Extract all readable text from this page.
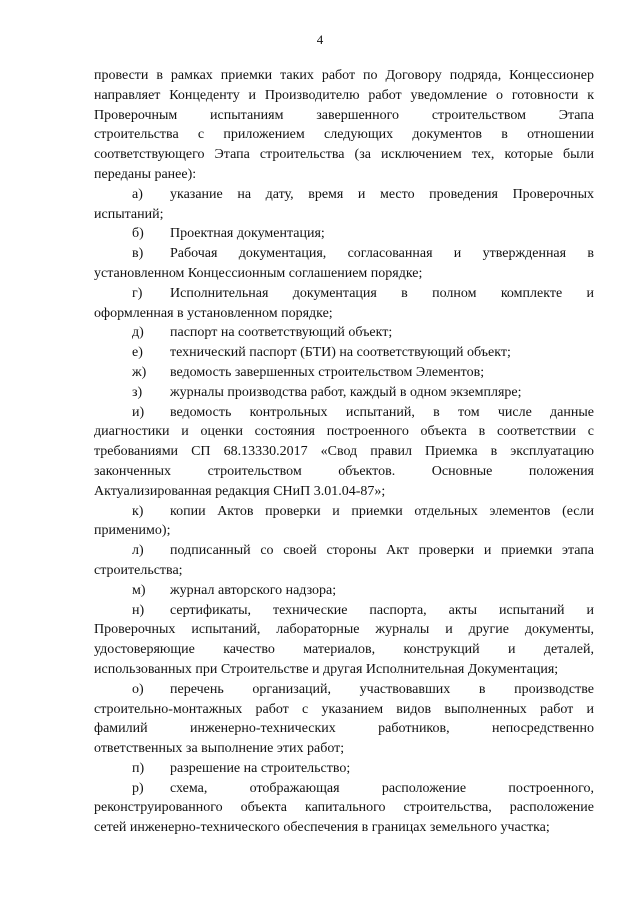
4
провести в рамках приемки таких работ по Договору подряда, Концессионер
направляет Концеденту и Производителю работ уведомление о готовности к
Проверочным испытаниям завершенного строительством Этапа
строительства с приложением следующих документов в отношении
соответствующего Этапа строительства (за исключением тех, которые были
переданы ранее):
а)	указание на дату, время и место проведения Проверочных
испытаний;
б)	Проектная документация;
в)	Рабочая документация, согласованная и утвержденная в
установленном Концессионным соглашением порядке;
г)	Исполнительная документация в полном комплекте и
оформленная в установленном порядке;
д)	паспорт на соответствующий объект;
е)	технический паспорт (БТИ) на соответствующий объект;
ж)	ведомость завершенных строительством Элементов;
з)	журналы производства работ, каждый в одном экземпляре;
и)	ведомость контрольных испытаний, в том числе данные
диагностики и оценки состояния построенного объекта в соответствии с
требованиями СП 68.13330.2017 «Свод правил Приемка в эксплуатацию
законченных строительством объектов. Основные положения
Актуализированная редакция СНиП 3.01.04-87»;
к)	копии Актов проверки и приемки отдельных элементов (если
применимо);
л)	подписанный со своей стороны Акт проверки и приемки этапа
строительства;
м)	журнал авторского надзора;
н)	сертификаты, технические паспорта, акты испытаний и
Проверочных испытаний, лабораторные журналы и другие документы,
удостоверяющие качество материалов, конструкций и деталей,
использованных при Строительстве и другая Исполнительная Документация;
о)	перечень организаций, участвовавших в производстве
строительно-монтажных работ с указанием видов выполненных работ и
фамилий инженерно-технических работников, непосредственно
ответственных за выполнение этих работ;
п)	разрешение на строительство;
р)	схема, отображающая расположение построенного,
реконструированного объекта капитального строительства, расположение
сетей инженерно-технического обеспечения в границах земельного участка;
